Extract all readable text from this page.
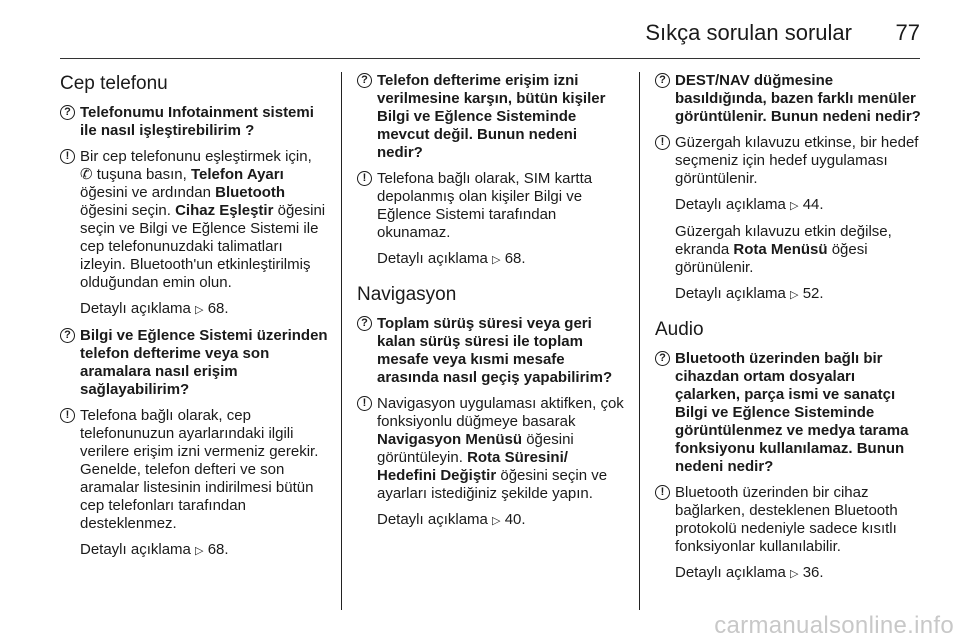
Sıkça sorulan sorular 77
Cep telefonu
? Telefonumu Infotainment sistemi ile nasıl işleştirebilirim ?
! Bir cep telefonunu eşleştirmek için, ✆ tuşuna basın, Telefon Ayarı öğesini ve ardından Bluetooth öğesini seçin. Cihaz Eşleştir öğesini seçin ve Bilgi ve Eğlence Sistemi ile cep telefonunuzdaki talimatları izleyin. Bluetooth'un etkinleştirilmiş olduğundan emin olun.
Detaylı açıklama ▷ 68.
? Bilgi ve Eğlence Sistemi üzerinden telefon defterime veya son aramalara nasıl erişim sağlayabilirim?
! Telefona bağlı olarak, cep telefonunuzun ayarlarındaki ilgili verilere erişim izni vermeniz gerekir. Genelde, telefon defteri ve son aramalar listesinin indirilmesi bütün cep telefonları tarafından desteklenmez.
Detaylı açıklama ▷ 68.
? Telefon defterime erişim izni verilmesine karşın, bütün kişiler Bilgi ve Eğlence Sisteminde mevcut değil. Bunun nedeni nedir?
! Telefona bağlı olarak, SIM kartta depolanmış olan kişiler Bilgi ve Eğlence Sistemi tarafından okunamaz.
Detaylı açıklama ▷ 68.
Navigasyon
? Toplam sürüş süresi veya geri kalan sürüş süresi ile toplam mesafe veya kısmi mesafe arasında nasıl geçiş yapabilirim?
! Navigasyon uygulaması aktifken, çok fonksiyonlu düğmeye basarak Navigasyon Menüsü öğesini görüntüleyin. Rota Süresini/ Hedefini Değiştir öğesini seçin ve ayarları istediğiniz şekilde yapın.
Detaylı açıklama ▷ 40.
? DEST/NAV düğmesine basıldığında, bazen farklı menüler görüntülenir. Bunun nedeni nedir?
! Güzergah kılavuzu etkinse, bir hedef seçmeniz için hedef uygulaması görüntülenir.
Detaylı açıklama ▷ 44.
Güzergah kılavuzu etkin değilse, ekranda Rota Menüsü öğesi görünülenir.
Detaylı açıklama ▷ 52.
Audio
? Bluetooth üzerinden bağlı bir cihazdan ortam dosyaları çalarken, parça ismi ve sanatçı Bilgi ve Eğlence Sisteminde görüntülenmez ve medya tarama fonksiyonu kullanılamaz. Bunun nedeni nedir?
! Bluetooth üzerinden bir cihaz bağlarken, desteklenen Bluetooth protokolü nedeniyle sadece kısıtlı fonksiyonlar kullanılabilir.
Detaylı açıklama ▷ 36.
carmanualsonline.info
